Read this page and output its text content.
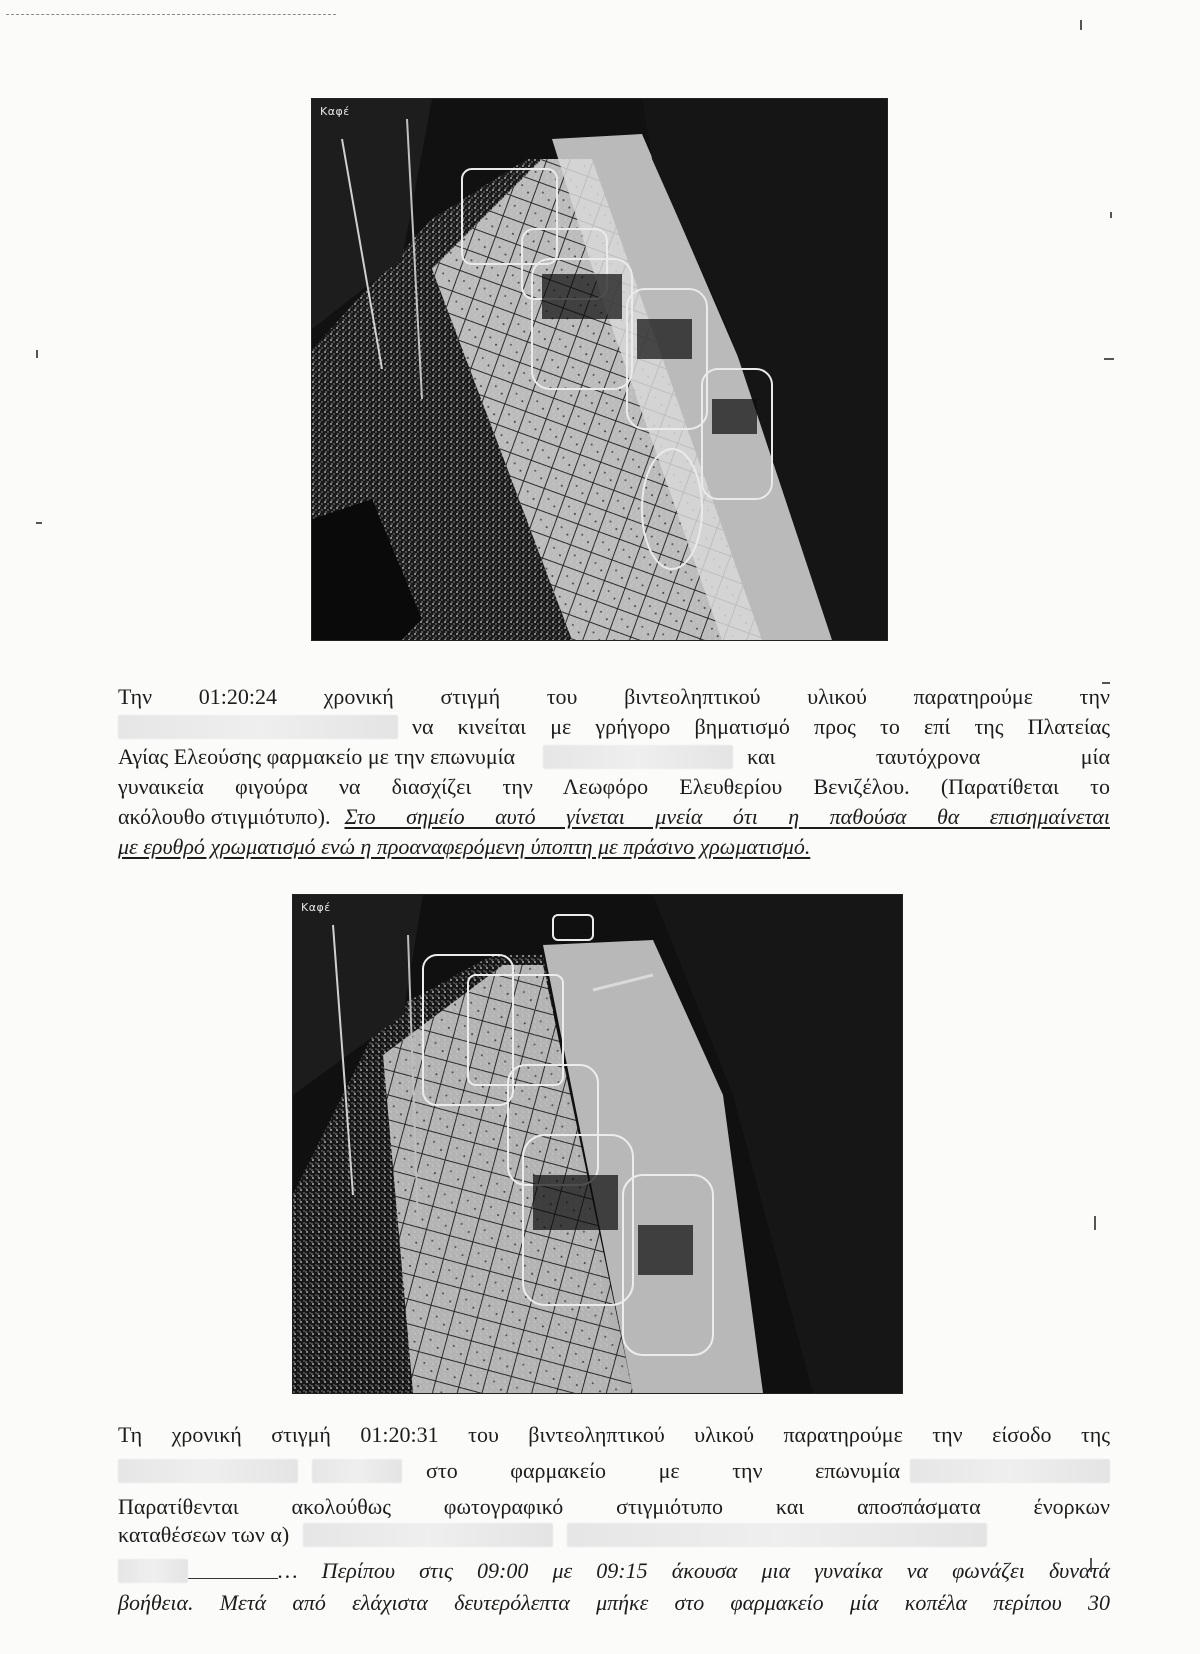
Καφέ
Την 01:20:24 χρονική στιγμή του βιντεοληπτικού υλικού παρατηρούμε την
να κινείται με γρήγορο βηματισμό προς το επί της Πλατείας
Αγίας Ελεούσης φαρμακείο με την επωνυμία	και ταυτόχρονα μία
γυναικεία φιγούρα να διασχίζει την Λεωφόρο Ελευθερίου Βενιζέλου. (Παρατίθεται το
ακόλουθο στιγμιότυπο). Στο σημείο αυτό γίνεται μνεία ότι η παθούσα θα επισημαίνεται
με ερυθρό χρωματισμό ενώ η προαναφερόμενη ύποπτη με πράσινο χρωματισμό.
Καφέ
Τη χρονική στιγμή 01:20:31 του βιντεοληπτικού υλικού παρατηρούμε την είσοδο της
στο φαρμακείο με την επωνυμία
Παρατίθενται ακολούθως φωτογραφικό στιγμιότυπο και αποσπάσματα ένορκων
καταθέσεων των α)
… Περίπου στις 09:00 με 09:15 άκουσα μια γυναίκα να φωνάζει δυνατά
βοήθεια. Μετά από ελάχιστα δευτερόλεπτα μπήκε στο φαρμακείο μία κοπέλα περίπου 30
